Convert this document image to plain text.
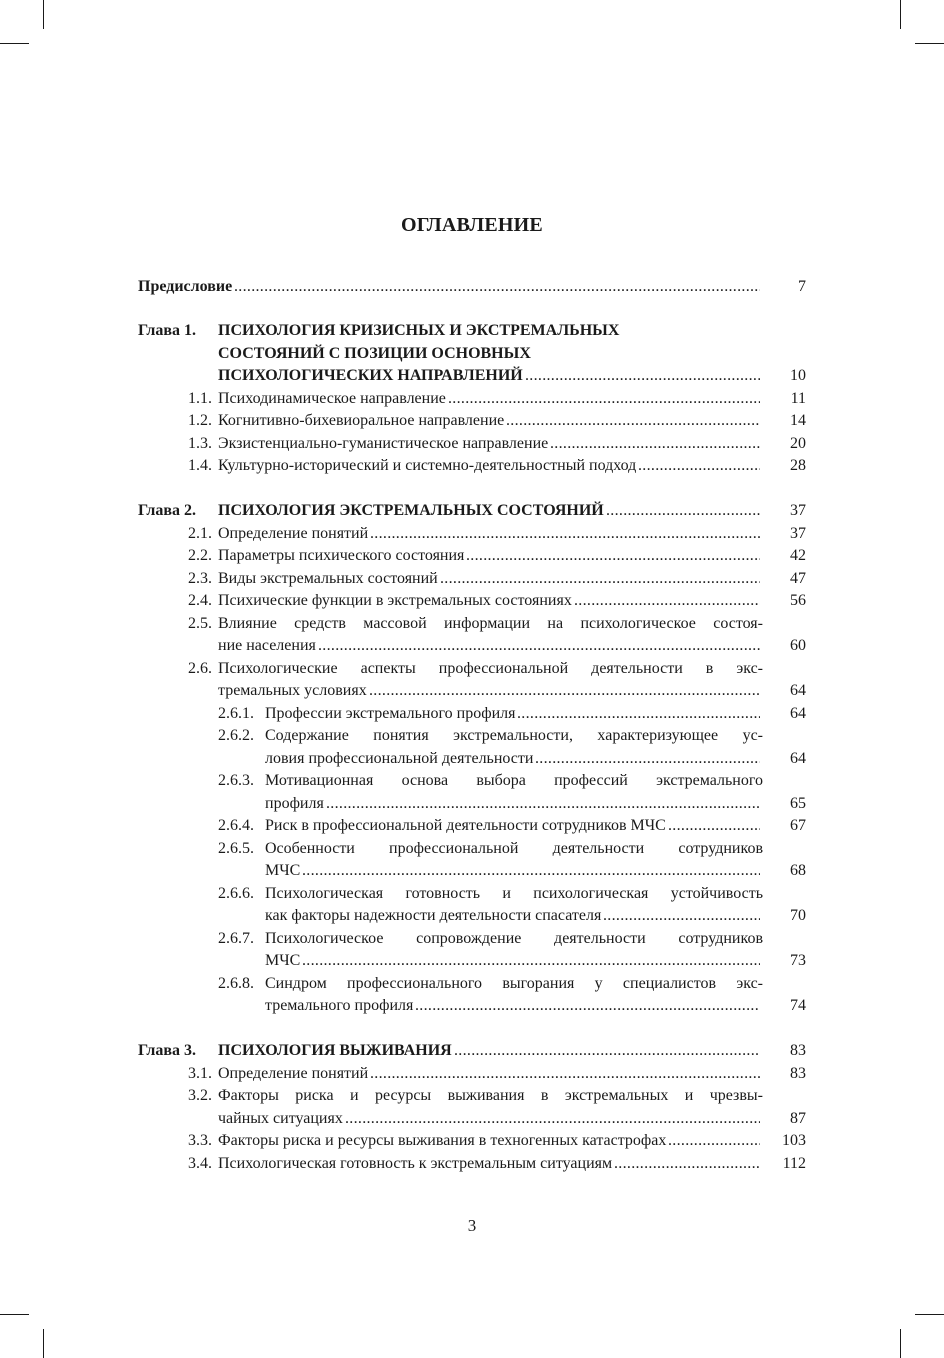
ОГЛАВЛЕНИЕ
Предисловие .....	7
Глава 1. ПСИХОЛОГИЯ КРИЗИСНЫХ И ЭКСТРЕМАЛЬНЫХ
СОСТОЯНИЙ С ПОЗИЦИИ ОСНОВНЫХ
ПСИХОЛОГИЧЕСКИХ НАПРАВЛЕНИЙ .....	10
1.1. Психодинамическое направление .....	11
1.2. Когнитивно-бихевиоральное направление .....	14
1.3. Экзистенциально-гуманистическое направление .....	20
1.4. Культурно-исторический и системно-деятельностный подход .....	28
Глава 2. ПСИХОЛОГИЯ ЭКСТРЕМАЛЬНЫХ СОСТОЯНИЙ .....	37
2.1. Определение понятий .....	37
2.2. Параметры психического состояния .....	42
2.3. Виды экстремальных состояний .....	47
2.4. Психические функции в экстремальных состояниях .....	56
2.5. Влияние средств массовой информации на психологическое состоя-
ние населения .....	60
2.6. Психологические аспекты профессиональной деятельности в экс-
тремальных условиях .....	64
2.6.1. Профессии экстремального профиля .....	64
2.6.2. Содержание понятия экстремальности, характеризующее ус-
ловия профессиональной деятельности .....	64
2.6.3. Мотивационная основа выбора профессий экстремального
профиля .....	65
2.6.4. Риск в профессиональной деятельности сотрудников МЧС .....	67
2.6.5. Особенности профессиональной деятельности сотрудников
МЧС .....	68
2.6.6. Психологическая готовность и психологическая устойчивость
как факторы надежности деятельности спасателя .....	70
2.6.7. Психологическое сопровождение деятельности сотрудников
МЧС .....	73
2.6.8. Синдром профессионального выгорания у специалистов экс-
тремального профиля .....	74
Глава 3. ПСИХОЛОГИЯ ВЫЖИВАНИЯ .....	83
3.1. Определение понятий .....	83
3.2. Факторы риска и ресурсы выживания в экстремальных и чрезвы-
чайных ситуациях .....	87
3.3. Факторы риска и ресурсы выживания в техногенных катастрофах .....	103
3.4. Психологическая готовность к экстремальным ситуациям .....	112
3
